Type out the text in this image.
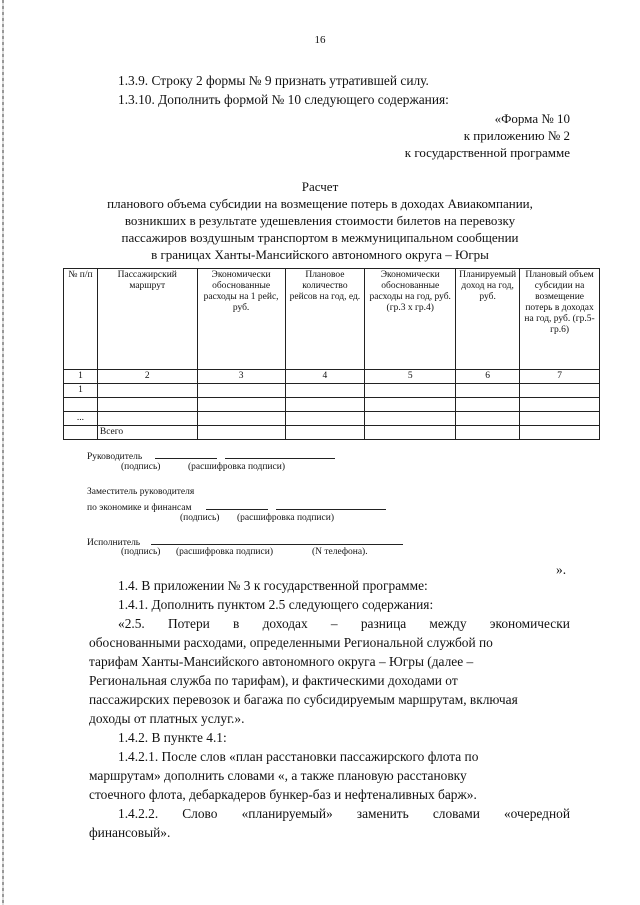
16
1.3.9. Строку 2 формы № 9 признать утратившей силу.
1.3.10. Дополнить формой № 10 следующего содержания:
«Форма № 10
к приложению № 2
к государственной программе
Расчет
планового объема субсидии на возмещение потерь в доходах Авиакомпании,
возникших в результате удешевления стоимости билетов на перевозку
пассажиров воздушным транспортом в межмуниципальном сообщении
в границах Ханты-Мансийского автономного округа – Югры
№ п/п	Пассажирский маршрут	Экономически обоснованные расходы на 1 рейс, руб.	Плановое количество рейсов на год, ед.	Экономически обоснованные расходы на год, руб. (гр.3 х гр.4)	Планируемый доход на год, руб.	Плановый объем субсидии на возмещение потерь в доходах на год, руб. (гр.5- гр.6)
1	2	3	4	5	6	7
1						

...						
	Всего					
Руководитель
(подпись)	(расшифровка подписи)
Заместитель руководителя
по экономике и финансам
(подпись) (расшифровка подписи)
Исполнитель
(подпись) (расшифровка подписи)	(N телефона).
».
1.4. В приложении № 3 к государственной программе:
1.4.1. Дополнить пунктом 2.5 следующего содержания:
«2.5. Потери в доходах – разница между экономически
обоснованными расходами, определенными Региональной службой по
тарифам Ханты-Мансийского автономного округа – Югры (далее –
Региональная служба по тарифам), и фактическими доходами от
пассажирских перевозок и багажа по субсидируемым маршрутам, включая
доходы от платных услуг.».
1.4.2. В пункте 4.1:
1.4.2.1. После слов «план расстановки пассажирского флота по
маршрутам» дополнить словами «, а также плановую расстановку
стоечного флота, дебаркадеров бункер-баз и нефтеналивных барж».
1.4.2.2. Слово «планируемый» заменить словами «очередной
финансовый».
